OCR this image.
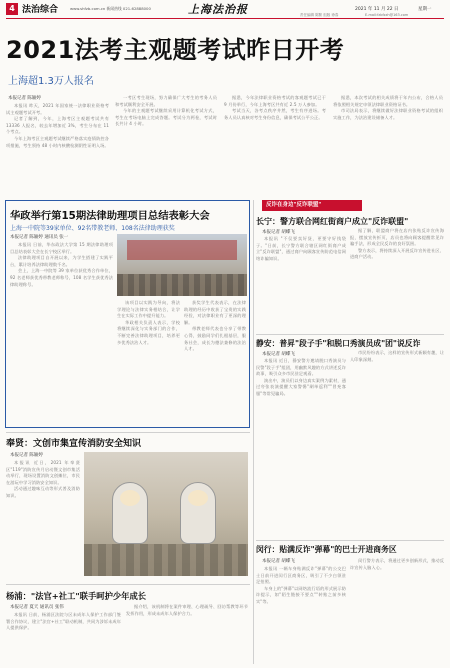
4 法治综合	www.shfzb.com.cn 新闻热线 021-62888000	上海法治报	2021 年 11 月 22 日	星期一
责任编辑 陈默 组版 徐春	E-mail:fzbfzzh@163.com
2021法考主观题考试昨日开考
上海超1.3万人报名
本报记者 陈颖婷

本报讯 昨天，2021 年国家统一法律职业资格考试主观题考试开考。

记者了解到，今年，上海考区主观题考试共有 13336 人报名，较去年增加近 3%，考生分布在 11 个考点。

今年上海考区主观题考试继续严格落实疫情防控各项措施，考生须持 48 小时内核酸检测阴性证明入场。

一考区考生现场，努力确保广大考生的考务人员和考试顺利安全开展。

今年的主观题考试继续采用计算机化考试方式，考生在考场电脑上完成答题。考试分为两卷，考试时长共计 4 小时。

据悉，今年法律职业资格考试的客观题考试已于 9 月份举行，今年上海考区共有近 2.5 万人参加。

考试当天，各考点秩序井然，考生有序进场。考务人员认真核对考生身份信息，确保考试公平公正。

据悉，本次考试的相关成绩将于年内公布，合格人员将依照相关规定申领法律职业资格证书。

市司法局表示，将继续做好法律职业资格考试的组织实施工作，为法治建设储备人才。

华政举行第15期法律助理项目总结表彰大会
上海一中院等39家单位、92名带教老师、108名法律助理获奖
本报记者 陈颖婷 通讯员 张一

本报讯 日前，华东政法大学第 15 期法律助理项目总结表彰大会在长宁校区举行。

法律助理项目自开展以来，为学生搭建了实践平台，累计培养法律助理数千名。

会上，上海一中院等 39 家单位获优秀合作单位，92 名老师获优秀带教老师称号，108 名学生获优秀法律助理称号。

该项目以实践为导向，将法学理论与法律实务相结合，让学生在实际工作中提升能力。

华政相关负责人表示，学校将继续深化与实务部门的合作，不断完善法律助理项目，培养更多优秀法治人才。

获奖学生代表表示，在法律助理的经历中收获了宝贵的实践经验，对法律职业有了更深的理解。

带教老师代表也分享了带教心得，鼓励同学们扎根基层，服务社会，成长为德法兼修的法治人才。

奉贤：文创市集宣传消防安全知识
本报记者 陈颖婷

本报讯 近日，2021 年奉贤区"119"消防宣传月启动暨文创市集活动举行，现场设置消防文创摊位，市民在游玩中学习消防安全知识。

活动通过趣味互动等形式普及消防知识。

杨浦："法官+社工"联手呵护少年成长
本报记者 夏天 通讯员 张伟

本报讯 日前，杨浦区法院与区未成年人保护工作部门签署合作协议，建立"法官+社工"联动机制，共同为涉诉未成年人提供保护。

据介绍，该机制将在案件审理、心理疏导、回访帮教等环节发挥作用，形成未成年人保护合力。

反诈在身边"反诈联盟"
长宁：警方联合网红街商户成立"反诈联盟"
本报记者 胡蝶飞

本报讯 "不仅要卖好货，更要守好钱袋子。"日前，长宁警方联合辖区网红街商户成立"反诈联盟"，通过商户向顾客宣传防范电信网络诈骗知识。

据了解，联盟商户将在店内张贴反诈宣传海报，摆放宣传折页，店员也将向顾客提醒常见诈骗手法，形成全民反诈的良好氛围。

警方表示，将持续深入开展反诈宣传进社区、进商户活动。

静安：普昇"段子手"和脱口秀演员成"团"说反诈
本报记者 胡蝶飞

本报讯 近日，静安警方邀请脱口秀演员与民警"段子手"组团，用幽默风趣的方式讲述反诈故事，吸引众多市民驻足观看。

演出中，演员们以身边真实案例为素材，通过夸张表演提醒大家警惕"刷单返利""冒充客服"等常见骗局。

市民纷纷表示，这样的宣传形式新颖有趣，让人印象深刻。

闵行：贴满反诈"弹幕"的巴士开进商务区
本报记者 胡蝶飞

本报讯 一辆车身贴满反诈"弹幕"的公交巴士日前开进闵行区商务区，吸引了不少白领驻足拍照。

车身上的"弹幕"以网络流行语的形式展示防诈提示，如"陌生链接不要点""转账之前多核实"等。

闵行警方表示，将通过更多创新形式，推动反诈宣传入脑入心。
